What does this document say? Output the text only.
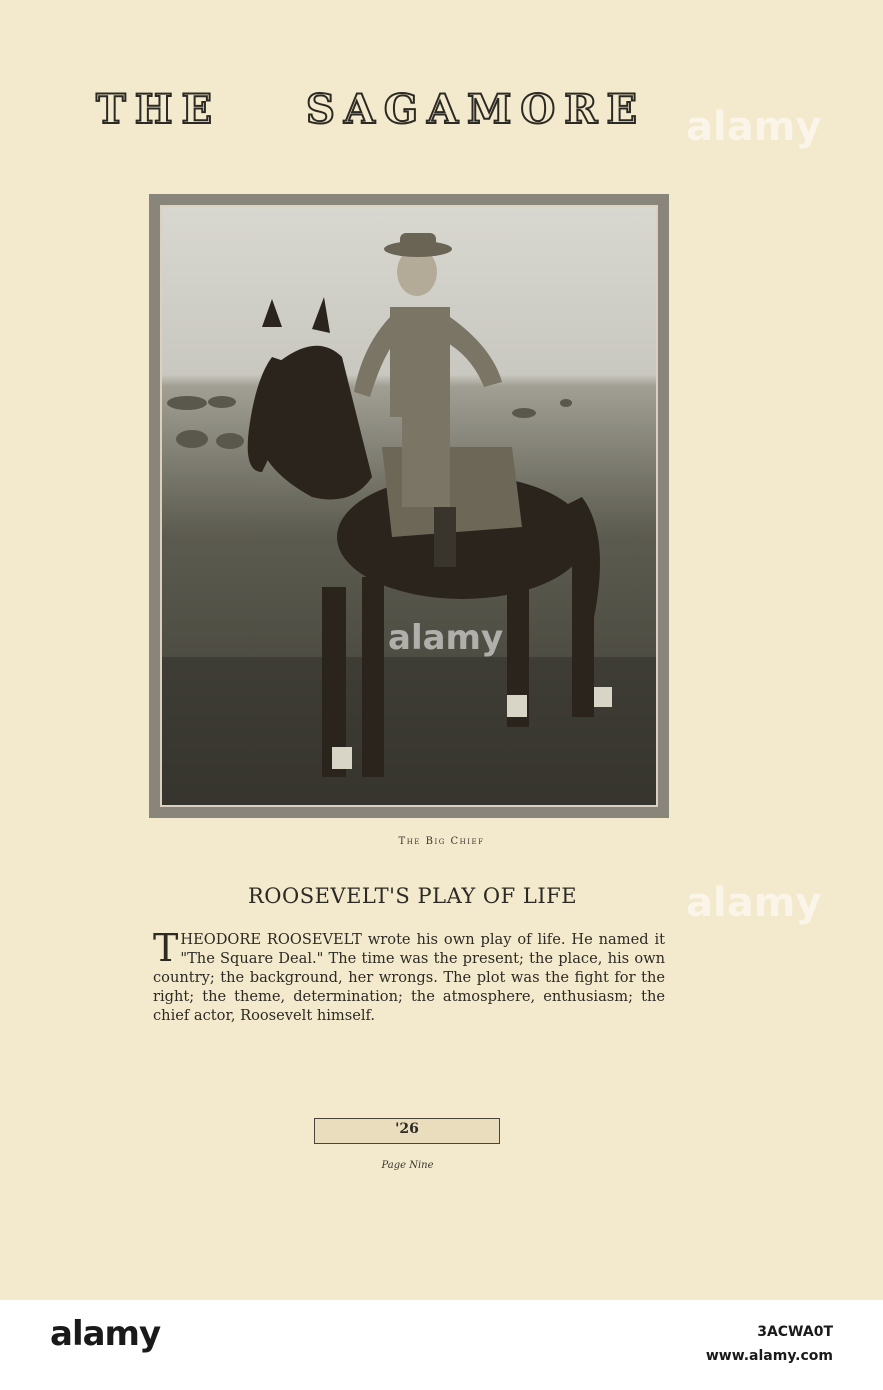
THE SAGAMORE
The Big Chief
ROOSEVELT'S PLAY OF LIFE
THEODORE ROOSEVELT wrote his own play of life. He named it "The Square Deal." The time was the present; the place, his own country; the background, her wrongs. The plot was the fight for the right; the theme, determination; the atmosphere, enthusiasm; the chief actor, Roosevelt himself.
'26
Page Nine
alamy
alamy
alamy
alamy	3ACWA0T
www.alamy.com
